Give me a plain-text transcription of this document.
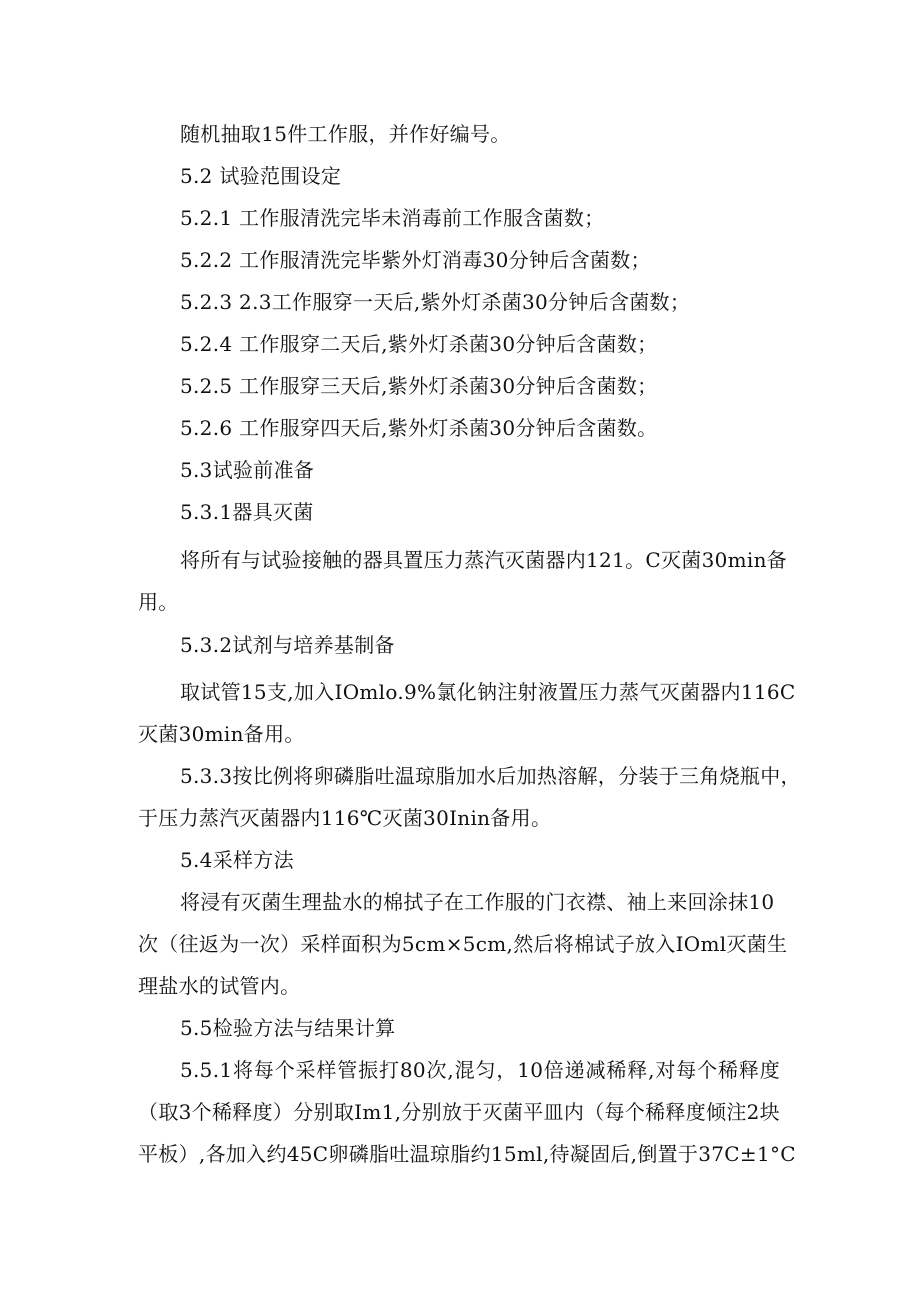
随机抽取15件工作服，并作好编号。
5.2 试验范围设定
5.2.1 工作服清洗完毕未消毒前工作服含菌数；
5.2.2 工作服清洗完毕紫外灯消毒30分钟后含菌数；
5.2.3 2.3工作服穿一天后,紫外灯杀菌30分钟后含菌数；
5.2.4 工作服穿二天后,紫外灯杀菌30分钟后含菌数；
5.2.5 工作服穿三天后,紫外灯杀菌30分钟后含菌数；
5.2.6 工作服穿四天后,紫外灯杀菌30分钟后含菌数。
5.3试验前准备
5.3.1器具灭菌
将所有与试验接触的器具置压力蒸汽灭菌器内121。C灭菌30min备
用。
5.3.2试剂与培养基制备
取试管15支,加入IOmlo.9%氯化钠注射液置压力蒸气灭菌器内116C
灭菌30min备用。
5.3.3按比例将卵磷脂吐温琼脂加水后加热溶解，分装于三角烧瓶中，
于压力蒸汽灭菌器内116℃灭菌30Inin备用。
5.4采样方法
将浸有灭菌生理盐水的棉拭子在工作服的门衣襟、袖上来回涂抹10
次（往返为一次）采样面积为5cm×5cm,然后将棉试子放入IOml灭菌生
理盐水的试管内。
5.5检验方法与结果计算
5.5.1将每个采样管振打80次,混匀，10倍递减稀释,对每个稀释度
（取3个稀释度）分别取Im1,分别放于灭菌平皿内（每个稀释度倾注2块
平板）,各加入约45C卵磷脂吐温琼脂约15ml,待凝固后,倒置于37C±1°C
